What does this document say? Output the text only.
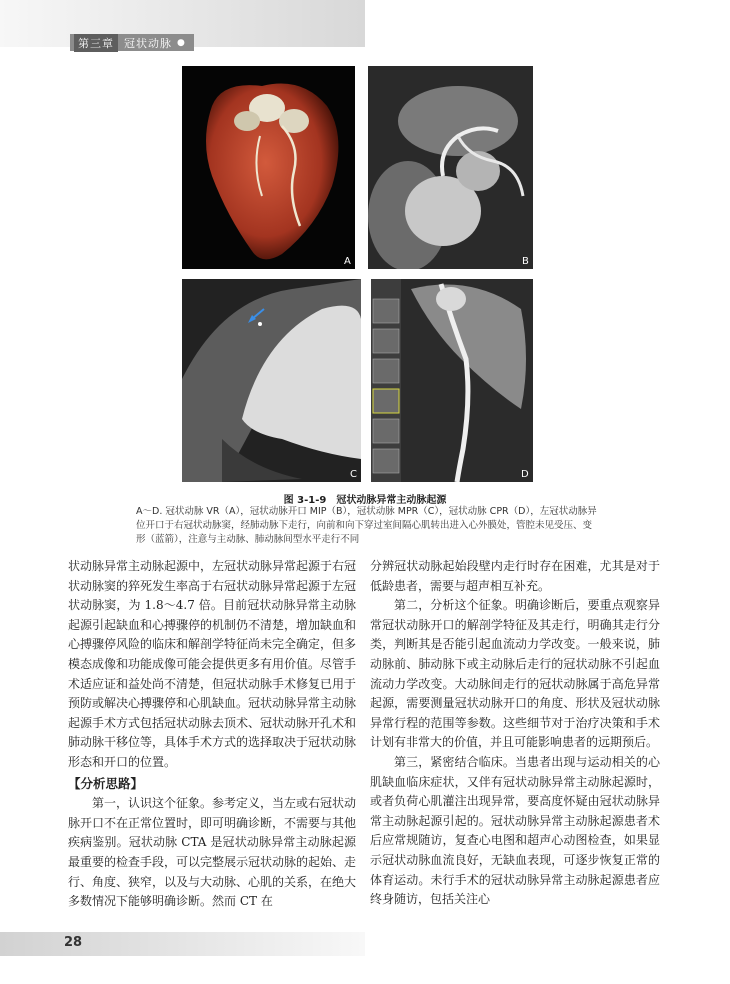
第三章 冠状动脉 ●
A	B
C	D
图 3-1-9　冠状动脉异常主动脉起源
A～D. 冠状动脉 VR（A），冠状动脉开口 MIP（B），冠状动脉 MPR（C），冠状动脉 CPR（D），左冠状动脉异位开口于右冠状动脉窦，经肺动脉下走行，向前和向下穿过室间隔心肌转出进入心外膜处，管腔未见受压、变形（蓝箭），注意与主动脉、肺动脉间型水平走行不同

状动脉异常主动脉起源中，左冠状动脉异常起源于右冠状动脉窦的猝死发生率高于右冠状动脉异常起源于左冠状动脉窦，为 1.8～4.7 倍。目前冠状动脉异常主动脉起源引起缺血和心搏骤停的机制仍不清楚，增加缺血和心搏骤停风险的临床和解剖学特征尚未完全确定，但多模态成像和功能成像可能会提供更多有用价值。尽管手术适应证和益处尚不清楚，但冠状动脉手术修复已用于预防或解决心搏骤停和心肌缺血。冠状动脉异常主动脉起源手术方式包括冠状动脉去顶术、冠状动脉开孔术和肺动脉干移位等，具体手术方式的选择取决于冠状动脉形态和开口的位置。

【分析思路】

第一，认识这个征象。参考定义，当左或右冠状动脉开口不在正常位置时，即可明确诊断，不需要与其他疾病鉴别。冠状动脉 CTA 是冠状动脉异常主动脉起源最重要的检查手段，可以完整展示冠状动脉的起始、走行、角度、狭窄，以及与大动脉、心肌的关系，在绝大多数情况下能够明确诊断。然而 CT 在

分辨冠状动脉起始段壁内走行时存在困难，尤其是对于低龄患者，需要与超声相互补充。

第二，分析这个征象。明确诊断后，要重点观察异常冠状动脉开口的解剖学特征及其走行，明确其走行分类，判断其是否能引起血流动力学改变。一般来说，肺动脉前、肺动脉下或主动脉后走行的冠状动脉不引起血流动力学改变。大动脉间走行的冠状动脉属于高危异常起源，需要测量冠状动脉开口的角度、形状及冠状动脉异常行程的范围等参数。这些细节对于治疗决策和手术计划有非常大的价值，并且可能影响患者的远期预后。

第三，紧密结合临床。当患者出现与运动相关的心肌缺血临床症状，又伴有冠状动脉异常主动脉起源时，或者负荷心肌灌注出现异常，要高度怀疑由冠状动脉异常主动脉起源引起的。冠状动脉异常主动脉起源患者术后应常规随访，复查心电图和超声心动图检查，如果显示冠状动脉血流良好，无缺血表现，可逐步恢复正常的体育运动。未行手术的冠状动脉异常主动脉起源患者应终身随访，包括关注心

28
